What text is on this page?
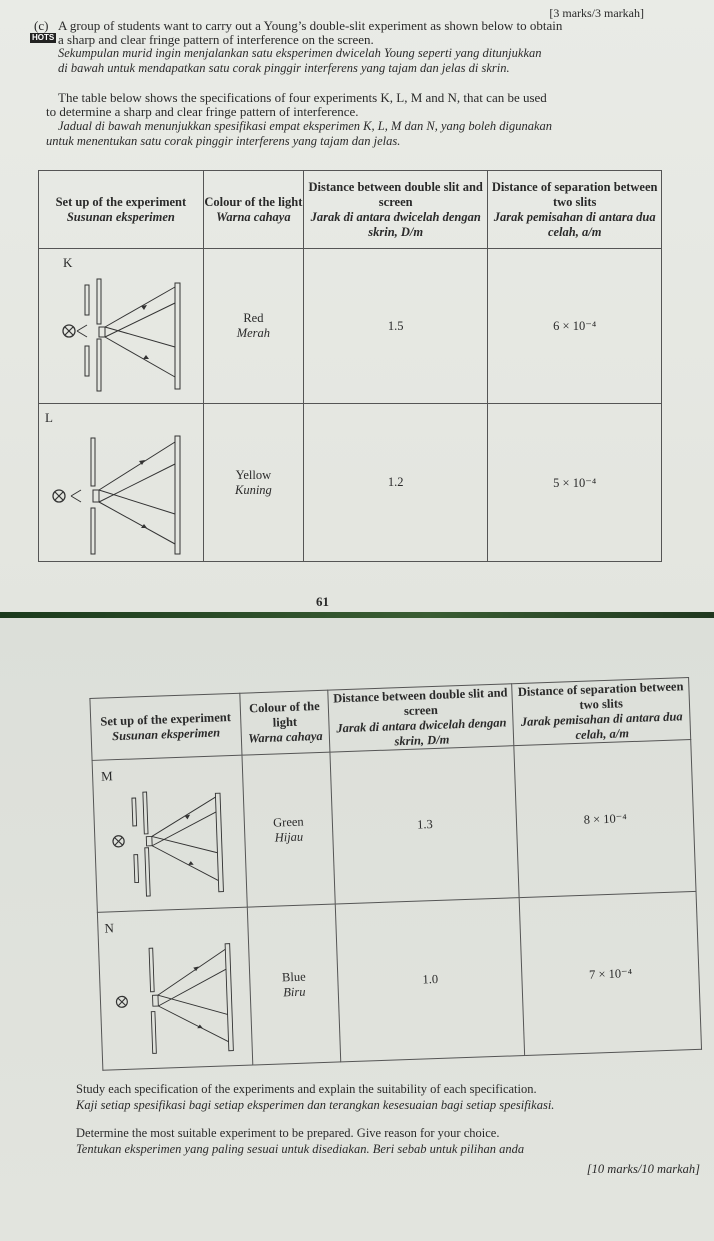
[3 marks/3 markah]
(c) A group of students want to carry out a Young’s double-slit experiment as shown below to obtain
HOTS a sharp and clear fringe pattern of interference on the screen.
Sekumpulan murid ingin menjalankan satu eksperimen dwicelah Young seperti yang ditunjukkan
di bawah untuk mendapatkan satu corak pinggir interferens yang tajam dan jelas di skrin.
The table below shows the specifications of four experiments K, L, M and N, that can be used
to determine a sharp and clear fringe pattern of interference.
Jadual di bawah menunjukkan spesifikasi empat eksperimen K, L, M dan N, yang boleh digunakan
untuk menentukan satu corak pinggir interferens yang tajam dan jelas.
Set up of the experiment
Susunan eksperimen	Colour of the light
Warna cahaya	Distance between double slit and screen
Jarak di antara dwicelah dengan skrin, D/m	Distance of separation between two slits
Jarak pemisahan di antara dua celah, a/m

K	Red
Merah	1.5	6 × 10⁻⁴

L	Yellow
Kuning	1.2	5 × 10⁻⁴
61
Study each specification of the experiments and explain the suitability of each specification.
Kaji setiap spesifikasi bagi setiap eksperimen dan terangkan kesesuaian bagi setiap spesifikasi.
Determine the most suitable experiment to be prepared. Give reason for your choice.
Tentukan eksperimen yang paling sesuai untuk disediakan. Beri sebab untuk pilihan anda
[10 marks/10 markah]
Set up of the experiment
Susunan eksperimen	Colour of the light
Warna cahaya	Distance between double slit and screen
Jarak di antara dwicelah dengan skrin, D/m	Distance of separation between two slits
Jarak pemisahan di antara dua celah, a/m

M	Green
Hijau	1.3	8 × 10⁻⁴

N	Blue
Biru	1.0	7 × 10⁻⁴
